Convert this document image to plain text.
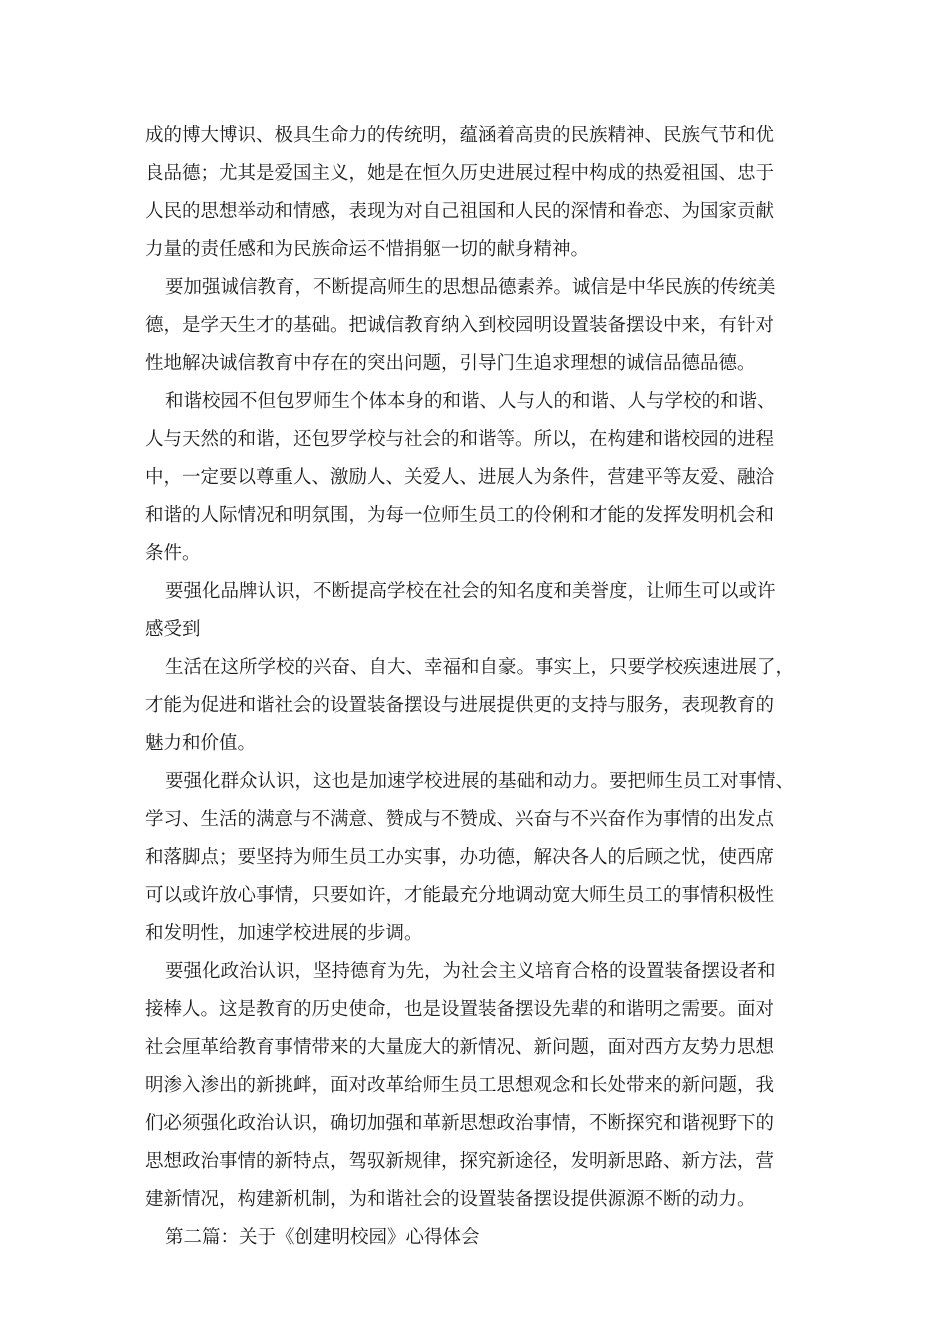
成的博大博识、极具生命力的传统明，蕴涵着高贵的民族精神、民族气节和优

良品德；尤其是爱国主义，她是在恒久历史进展过程中构成的热爱祖国、忠于

人民的思想举动和情感，表现为对自己祖国和人民的深情和眷恋、为国家贡献

力量的责任感和为民族命运不惜捐躯一切的献身精神。

要加强诚信教育，不断提高师生的思想品德素养。诚信是中华民族的传统美

德，是学天生才的基础。把诚信教育纳入到校园明设置装备摆设中来，有针对

性地解决诚信教育中存在的突出问题，引导门生追求理想的诚信品德品德。

和谐校园不但包罗师生个体本身的和谐、人与人的和谐、人与学校的和谐、

人与天然的和谐，还包罗学校与社会的和谐等。所以，在构建和谐校园的进程

中，一定要以尊重人、激励人、关爱人、进展人为条件，营建平等友爱、融洽

和谐的人际情况和明氛围，为每一位师生员工的伶俐和才能的发挥发明机会和

条件。

要强化品牌认识，不断提高学校在社会的知名度和美誉度，让师生可以或许

感受到

生活在这所学校的兴奋、自大、幸福和自豪。事实上，只要学校疾速进展了，

才能为促进和谐社会的设置装备摆设与进展提供更的支持与服务，表现教育的

魅力和价值。

要强化群众认识，这也是加速学校进展的基础和动力。要把师生员工对事情、

学习、生活的满意与不满意、赞成与不赞成、兴奋与不兴奋作为事情的出发点

和落脚点；要坚持为师生员工办实事，办功德，解决各人的后顾之忧，使西席

可以或许放心事情，只要如许，才能最充分地调动宽大师生员工的事情积极性

和发明性，加速学校进展的步调。

要强化政治认识，坚持德育为先，为社会主义培育合格的设置装备摆设者和

接棒人。这是教育的历史使命，也是设置装备摆设先辈的和谐明之需要。面对

社会厘革给教育事情带来的大量庞大的新情况、新问题，面对西方友势力思想

明渗入渗出的新挑衅，面对改革给师生员工思想观念和长处带来的新问题，我

们必须强化政治认识，确切加强和革新思想政治事情，不断探究和谐视野下的

思想政治事情的新特点，驾驭新规律，探究新途径，发明新思路、新方法，营

建新情况，构建新机制，为和谐社会的设置装备摆设提供源源不断的动力。

第二篇：关于《创建明校园》心得体会
